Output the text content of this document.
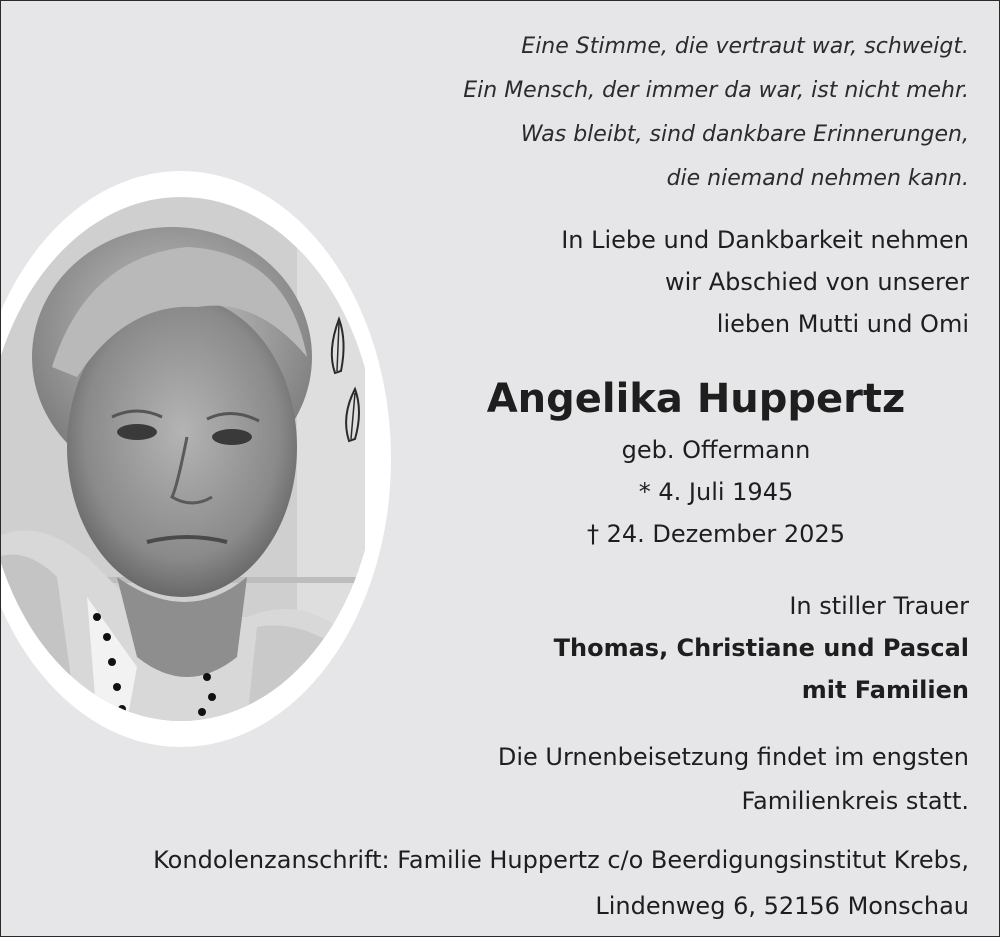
Eine Stimme, die vertraut war, schweigt.
Ein Mensch, der immer da war, ist nicht mehr.
Was bleibt, sind dankbare Erinnerungen,
die niemand nehmen kann.
In Liebe und Dankbarkeit nehmen
wir Abschied von unserer
lieben Mutti und Omi
Angelika Huppertz
geb. Offermann
* 4. Juli 1945
† 24. Dezember 2025
In stiller Trauer
Thomas, Christiane und Pascal
mit Familien
Die Urnenbeisetzung findet im engsten
Familienkreis statt.
Kondolenzanschrift: Familie Huppertz c/o Beerdigungsinstitut Krebs,
Lindenweg 6, 52156 Monschau
